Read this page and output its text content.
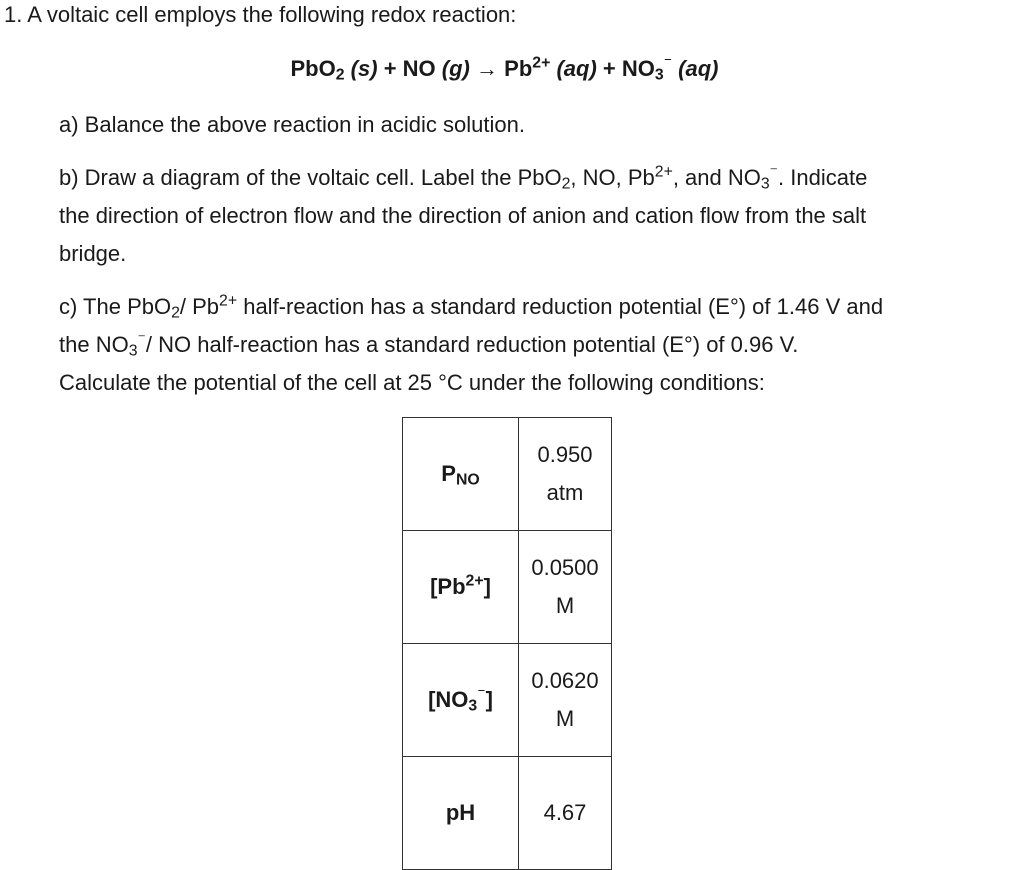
1. A voltaic cell employs the following redox reaction:
PbO$_2$ (s) + NO $(g) \to Pb^{2+}$ $(aq) + NO_3^{^-}$ (aq)
a) Balance the above reaction in acidic solution.
b) Draw a diagram of the voltaic cell. Label the PbO$_2$, NO, $Pb^{2+}$, and $NO_3^{^-}$. Indicate
the direction of electron flow and the direction of anion and cation flow from the salt
bridge.
c) The PbO$_2$/ $Pb^{2+}$ half-reaction has a standard reduction potential (E°) of 1.46 V and
the $NO_3^{^-}/$ NO half-reaction has a standard reduction potential (E°) of 0.96 V.
Calculate the potential of the cell at 25 °C under the following conditions:
$P_{NO}$	0.950
atm

$[Pb^{2+}]$	0.0500
M

$[NO_3^{^-}]$	0.0620
M

pH	4.67
